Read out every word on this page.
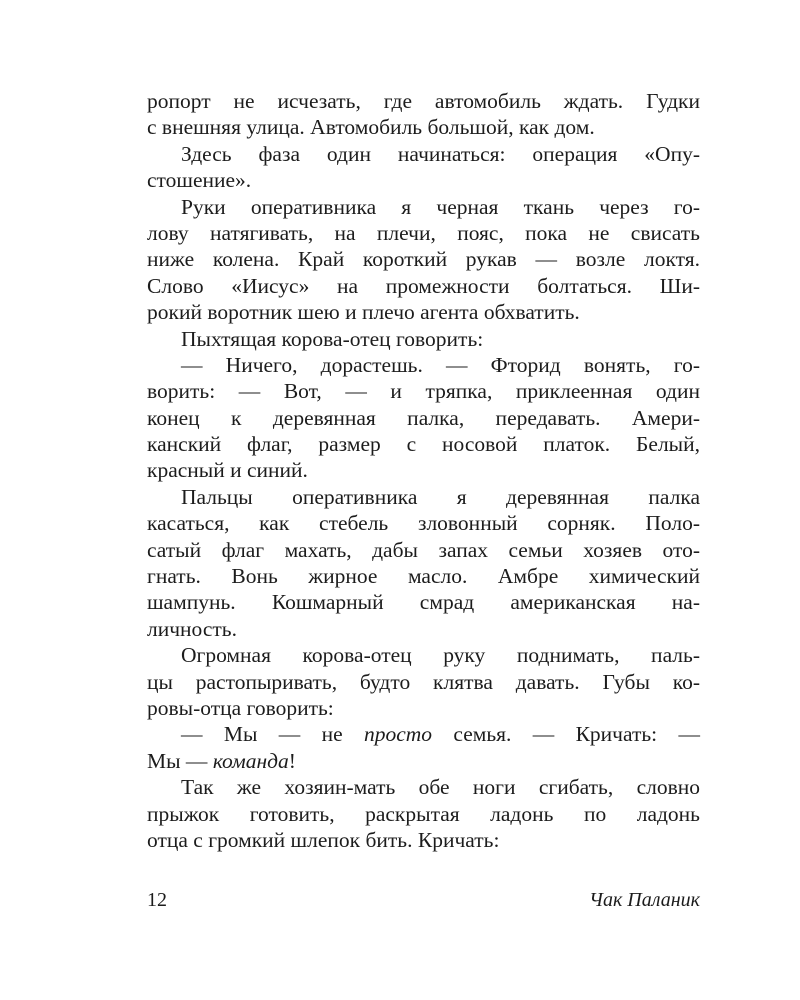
ропорт не исчезать, где автомобиль ждать. Гудки
с внешняя улица. Автомобиль большой, как дом.
Здесь фаза один начинаться: операция «Опу-
стошение».
Руки оперативника я черная ткань через го-
лову натягивать, на плечи, пояс, пока не свисать
ниже колена. Край короткий рукав — возле локтя.
Слово «Иисус» на промежности болтаться. Ши-
рокий воротник шею и плечо агента обхватить.
Пыхтящая корова-отец говорить:
— Ничего, дорастешь. — Фторид вонять, го-
ворить: — Вот, — и тряпка, приклеенная один
конец к деревянная палка, передавать. Амери-
канский флаг, размер с носовой платок. Белый,
красный и синий.
Пальцы оперативника я деревянная палка
касаться, как стебель зловонный сорняк. Поло-
сатый флаг махать, дабы запах семьи хозяев ото-
гнать. Вонь жирное масло. Амбре химический
шампунь. Кошмарный смрад американская на-
личность.
Огромная корова-отец руку поднимать, паль-
цы растопыривать, будто клятва давать. Губы ко-
ровы-отца говорить:
— Мы — не просто семья. — Кричать: —
Мы — команда!
Так же хозяин-мать обе ноги сгибать, словно
прыжок готовить, раскрытая ладонь по ладонь
отца с громкий шлепок бить. Кричать:
12	Чак Паланик
